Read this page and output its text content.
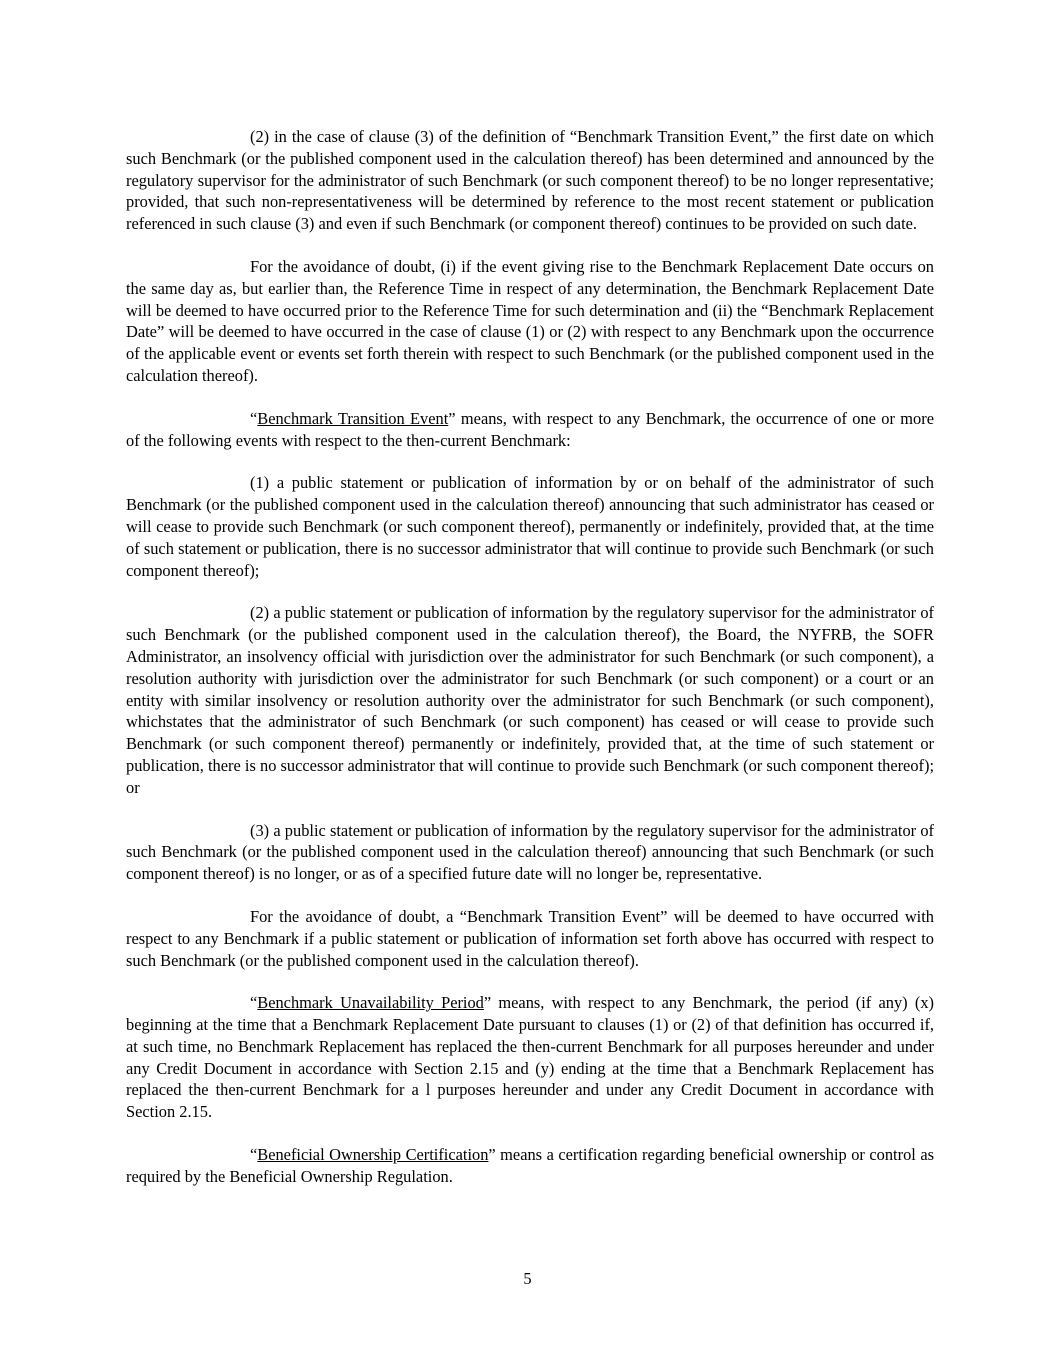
(2) in the case of clause (3) of the definition of “Benchmark Transition Event,” the first date on which such Benchmark (or the published component used in the calculation thereof) has been determined and announced by the regulatory supervisor for the administrator of such Benchmark (or such component thereof) to be no longer representative; provided, that such non-representativeness will be determined by reference to the most recent statement or publication referenced in such clause (3) and even if such Benchmark (or component thereof) continues to be provided on such date.

For the avoidance of doubt, (i) if the event giving rise to the Benchmark Replacement Date occurs on the same day as, but earlier than, the Reference Time in respect of any determination, the Benchmark Replacement Date will be deemed to have occurred prior to the Reference Time for such determination and (ii) the “Benchmark Replacement Date” will be deemed to have occurred in the case of clause (1) or (2) with respect to any Benchmark upon the occurrence of the applicable event or events set forth therein with respect to such Benchmark (or the published component used in the calculation thereof).

“Benchmark Transition Event” means, with respect to any Benchmark, the occurrence of one or more of the following events with respect to the then-current Benchmark:

(1) a public statement or publication of information by or on behalf of the administrator of such Benchmark (or the published component used in the calculation thereof) announcing that such administrator has ceased or will cease to provide such Benchmark (or such component thereof), permanently or indefinitely, provided that, at the time of such statement or publication, there is no successor administrator that will continue to provide such Benchmark (or such component thereof);

(2) a public statement or publication of information by the regulatory supervisor for the administrator of such Benchmark (or the published component used in the calculation thereof), the Board, the NYFRB, the SOFR Administrator, an insolvency official with jurisdiction over the administrator for such Benchmark (or such component), a resolution authority with jurisdiction over the administrator for such Benchmark (or such component) or a court or an entity with similar insolvency or resolution authority over the administrator for such Benchmark (or such component), whichstates that the administrator of such Benchmark (or such component) has ceased or will cease to provide such Benchmark (or such component thereof) permanently or indefinitely, provided that, at the time of such statement or publication, there is no successor administrator that will continue to provide such Benchmark (or such component thereof); or

(3) a public statement or publication of information by the regulatory supervisor for the administrator of such Benchmark (or the published component used in the calculation thereof) announcing that such Benchmark (or such component thereof) is no longer, or as of a specified future date will no longer be, representative.

For the avoidance of doubt, a “Benchmark Transition Event” will be deemed to have occurred with respect to any Benchmark if a public statement or publication of information set forth above has occurred with respect to such Benchmark (or the published component used in the calculation thereof).

“Benchmark Unavailability Period” means, with respect to any Benchmark, the period (if any) (x) beginning at the time that a Benchmark Replacement Date pursuant to clauses (1) or (2) of that definition has occurred if, at such time, no Benchmark Replacement has replaced the then-current Benchmark for all purposes hereunder and under any Credit Document in accordance with Section 2.15 and (y) ending at the time that a Benchmark Replacement has replaced the then-current Benchmark for a l purposes hereunder and under any Credit Document in accordance with Section 2.15.

“Beneficial Ownership Certification” means a certification regarding beneficial ownership or control as required by the Beneficial Ownership Regulation.

5
